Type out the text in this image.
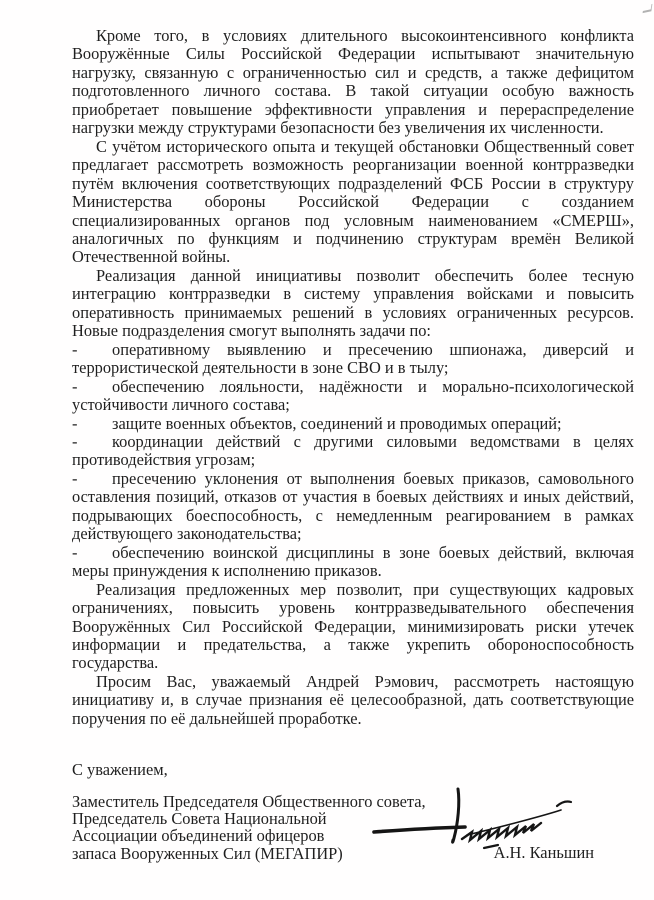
Кроме того, в условиях длительного высокоинтенсивного конфликта Вооружённые Силы Российской Федерации испытывают значительную нагрузку, связанную с ограниченностью сил и средств, а также дефицитом подготовленного личного состава. В такой ситуации особую важность приобретает повышение эффективности управления и перераспределение нагрузки между структурами безопасности без увеличения их численности.

С учётом исторического опыта и текущей обстановки Общественный совет предлагает рассмотреть возможность реорганизации военной контрразведки путём включения соответствующих подразделений ФСБ России в структуру Министерства обороны Российской Федерации с созданием специализированных органов под условным наименованием «СМЕРШ», аналогичных по функциям и подчинению структурам времён Великой Отечественной войны.

Реализация данной инициативы позволит обеспечить более тесную интеграцию контрразведки в систему управления войсками и повысить оперативность принимаемых решений в условиях ограниченных ресурсов. Новые подразделения смогут выполнять задачи по:

- оперативному выявлению и пресечению шпионажа, диверсий и террористической деятельности в зоне СВО и в тылу;

- обеспечению лояльности, надёжности и морально-психологической устойчивости личного состава;

- защите военных объектов, соединений и проводимых операций;

- координации действий с другими силовыми ведомствами в целях противодействия угрозам;

- пресечению уклонения от выполнения боевых приказов, самовольного оставления позиций, отказов от участия в боевых действиях и иных действий, подрывающих боеспособность, с немедленным реагированием в рамках действующего законодательства;

- обеспечению воинской дисциплины в зоне боевых действий, включая меры принуждения к исполнению приказов.

Реализация предложенных мер позволит, при существующих кадровых ограничениях, повысить уровень контрразведывательного обеспечения Вооружённых Сил Российской Федерации, минимизировать риски утечек информации и предательства, а также укрепить обороноспособность государства.

Просим Вас, уважаемый Андрей Рэмович, рассмотреть настоящую инициативу и, в случае признания её целесообразной, дать соответствующие поручения по её дальнейшей проработке.

С уважением,
Заместитель Председателя Общественного совета,
Председатель Совета Национальной
Ассоциации объединений офицеров
запаса Вооруженных Сил (МЕГАПИР)	А.Н. Каньшин
